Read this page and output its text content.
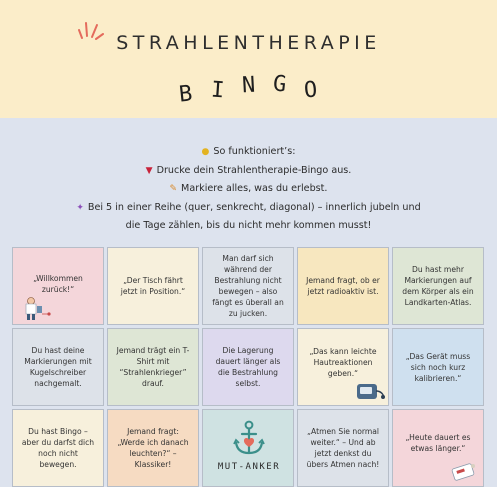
STRAHLENTHERAPIE
B I N G O
● So funktioniert’s:
▼ Drucke dein Strahlentherapie-Bingo aus.
✎ Markiere alles, was du erlebst.
✦ Bei 5 in einer Reihe (quer, senkrecht, diagonal) – innerlich jubeln und
die Tage zählen, bis du nicht mehr kommen musst!
„Willkommen zurück!“
„Der Tisch fährt jetzt in Position.“
Man darf sich während der Bestrahlung nicht bewegen – also fängt es überall an zu jucken.
Jemand fragt, ob er jetzt radioaktiv ist.
Du hast mehr Markierungen auf dem Körper als ein Landkarten-Atlas.
Du hast deine Markierungen mit Kugelschreiber nachgemalt.
Jemand trägt ein T-Shirt mit “Strahlenkrieger” drauf.
Die Lagerung dauert länger als die Bestrahlung selbst.
„Das kann leichte Hautreaktionen geben.“
„Das Gerät muss sich noch kurz kalibrieren.“
Du hast Bingo – aber du darfst dich noch nicht bewegen.
Jemand fragt: „Werde ich danach leuchten?“ – Klassiker!	MUT-ANKER
„Atmen Sie normal weiter.“ – Und ab jetzt denkst du übers Atmen nach!
„Heute dauert es etwas länger.“
